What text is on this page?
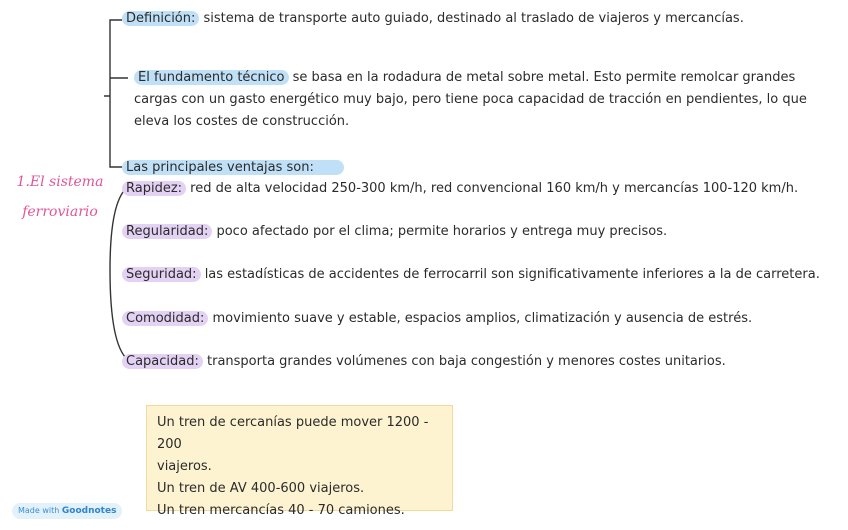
1.El sistema
ferroviario
Definición: sistema de transporte auto guiado, destinado al traslado de viajeros y mercancías.
El fundamento técnico se basa en la rodadura de metal sobre metal. Esto permite remolcar grandes cargas con un gasto energético muy bajo, pero tiene poca capacidad de tracción en pendientes, lo que eleva los costes de construcción.
Las principales ventajas son:
Rapidez: red de alta velocidad 250-300 km/h, red convencional 160 km/h y mercancías 100-120 km/h.
Regularidad: poco afectado por el clima; permite horarios y entrega muy precisos.
Seguridad: las estadísticas de accidentes de ferrocarril son significativamente inferiores a la de carretera.
Comodidad: movimiento suave y estable, espacios amplios, climatización y ausencia de estrés.
Capacidad: transporta grandes volúmenes con baja congestión y menores costes unitarios.
Un tren de cercanías puede mover 1200 - 200
viajeros.
Un tren de AV 400-600 viajeros.
Un tren mercancías 40 - 70 camiones.
Made with Goodnotes
